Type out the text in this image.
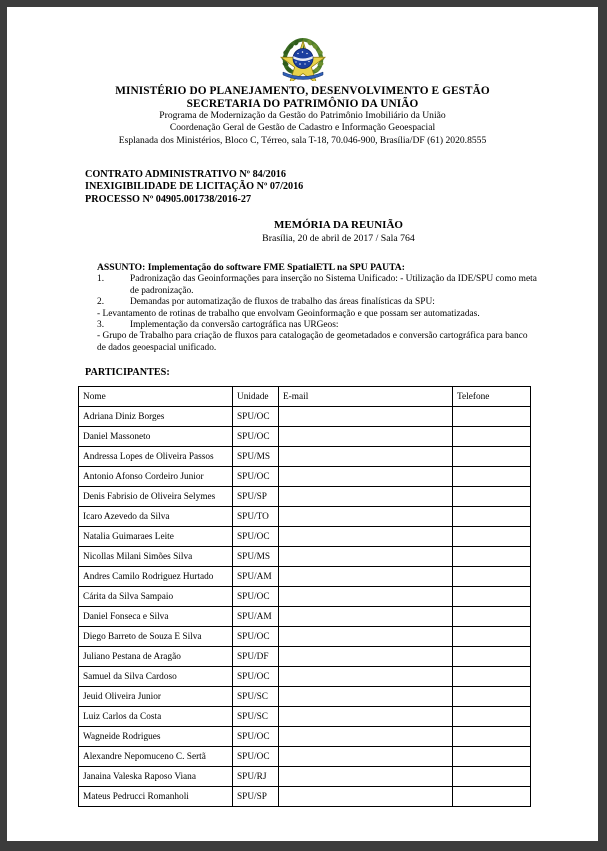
MINISTÉRIO DO PLANEJAMENTO, DESENVOLVIMENTO E GESTÃO
SECRETARIA DO PATRIMÔNIO DA UNIÃO
Programa de Modernização da Gestão do Patrimônio Imobiliário da União
Coordenação Geral de Gestão de Cadastro e Informação Geoespacial
Esplanada dos Ministérios, Bloco C, Térreo, sala T-18, 70.046-900, Brasília/DF (61) 2020.8555
CONTRATO ADMINISTRATIVO Nº 84/2016
INEXIGIBILIDADE DE LICITAÇÃO Nº 07/2016
PROCESSO Nº 04905.001738/2016-27
MEMÓRIA DA REUNIÃO
Brasília, 20 de abril de 2017 / Sala 764
ASSUNTO: Implementação do software FME SpatialETL na SPU PAUTA:
1.	Padronização das Geoinformações para inserção no Sistema Unificado: - Utilização da IDE/SPU como meta de padronização.
2.	Demandas por automatização de fluxos de trabalho das áreas finalísticas da SPU:
- Levantamento de rotinas de trabalho que envolvam Geoinformação e que possam ser automatizadas.
3.	Implementação da conversão cartográfica nas URGeos:
- Grupo de Trabalho para criação de fluxos para catalogação de geometadados e conversão cartográfica para banco de dados geoespacial unificado.
PARTICIPANTES:
Nome	Unidade	E-mail	Telefone
Adriana Diniz Borges	SPU/OC		
Daniel Massoneto	SPU/OC		
Andressa Lopes de Oliveira Passos	SPU/MS		
Antonio Afonso Cordeiro Junior	SPU/OC		
Denis Fabrisio de Oliveira Selymes	SPU/SP		
Icaro Azevedo da Silva	SPU/TO		
Natalia Guimaraes Leite	SPU/OC		
Nicollas Milani Simões Silva	SPU/MS		
Andres Camilo Rodriguez Hurtado	SPU/AM		
Cárita da Silva Sampaio	SPU/OC		
Daniel Fonseca e Silva	SPU/AM		
Diego Barreto de Souza E Silva	SPU/OC		
Juliano Pestana de Aragão	SPU/DF		
Samuel da Silva Cardoso	SPU/OC		
Jeuid Oliveira Junior	SPU/SC		
Luiz Carlos da Costa	SPU/SC		
Wagneide Rodrigues	SPU/OC		
Alexandre Nepomuceno C. Sertã	SPU/OC		
Janaina Valeska Raposo Viana	SPU/RJ		
Mateus Pedrucci Romanholi	SPU/SP		
